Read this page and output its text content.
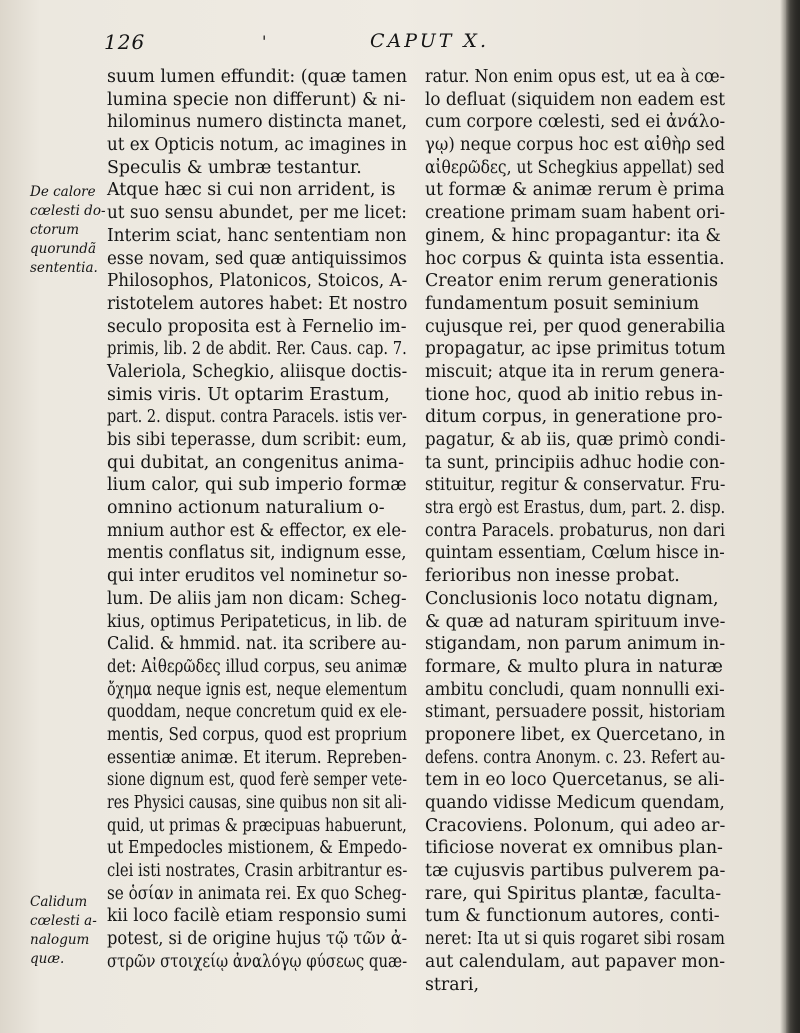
126	'	CAPUT X.
De calore
cœlesti do-
ctorum
quorundã
sententia.
Calidum
cœlesti a-
nalogum
quæ.
suum lumen effundit: (quæ tamen
lumina specie non differunt) & ni-
hilominus numero distincta manet,
ut ex Opticis notum, ac imagines in
Speculis & umbræ testantur.
Atque hæc si cui non arrident, is
ut suo sensu abundet, per me licet:
Interim sciat, hanc sententiam non
esse novam, sed quæ antiquissimos
Philosophos, Platonicos, Stoicos, A-
ristotelem autores habet: Et nostro
seculo proposita est à Fernelio im-
primis, lib. 2 de abdit. Rer. Caus. cap. 7.
Valeriola, Schegkio, aliisque doctis-
simis viris. Ut optarim Erastum,
part. 2. disput. contra Paracels. istis ver-
bis sibi teperasse, dum scribit: eum,
qui dubitat, an congenitus anima-
lium calor, qui sub imperio formæ
omnino actionum naturalium o-
mnium author est & effector, ex ele-
mentis conflatus sit, indignum esse,
qui inter eruditos vel nominetur so-
lum. De aliis jam non dicam: Scheg-
kius, optimus Peripateticus, in lib. de
Calid. & hmmid. nat. ita scribere au-
det: Αἰθερῶδες illud corpus, seu animæ
ὄχημα neque ignis est, neque elementum
quoddam, neque concretum quid ex ele-
mentis, Sed corpus, quod est proprium
essentiæ animæ. Et iterum. Repreben-
sione dignum est, quod ferè semper vete-
res Physici causas, sine quibus non sit ali-
quid, ut primas & præcipuas habuerunt,
ut Empedocles mistionem, & Empedo-
clei isti nostrates, Crasin arbitrantur es-
se ὁσίαν in animata rei. Ex quo Scheg-
kii loco facilè etiam responsio sumi
potest, si de origine hujus τῷ τῶν ἀ-
στρῶν στοιχείῳ ἀναλόγῳ φύσεως quæ-
ratur. Non enim opus est, ut ea à cœ-
lo defluat (siquidem non eadem est
cum corpore cœlesti, sed ei ἀνάλο-
γῳ) neque corpus hoc est αἰθὴρ sed
αἰθερῶδες, ut Schegkius appellat) sed
ut formæ & animæ rerum è prima
creatione primam suam habent ori-
ginem, & hinc propagantur: ita &
hoc corpus & quinta ista essentia.
Creator enim rerum generationis
fundamentum posuit seminium
cujusque rei, per quod generabilia
propagatur, ac ipse primitus totum
miscuit; atque ita in rerum genera-
tione hoc, quod ab initio rebus in-
ditum corpus, in generatione pro-
pagatur, & ab iis, quæ primò condi-
ta sunt, principiis adhuc hodie con-
stituitur, regitur & conservatur. Fru-
stra ergò est Erastus, dum, part. 2. disp.
contra Paracels. probaturus, non dari
quintam essentiam, Cœlum hisce in-
ferioribus non inesse probat.
Conclusionis loco notatu dignam,
& quæ ad naturam spirituum inve-
stigandam, non parum animum in-
formare, & multo plura in naturæ
ambitu concludi, quam nonnulli exi-
stimant, persuadere possit, historiam
proponere libet, ex Quercetano, in
defens. contra Anonym. c. 23. Refert au-
tem in eo loco Quercetanus, se ali-
quando vidisse Medicum quendam,
Cracoviens. Polonum, qui adeo ar-
tificiose noverat ex omnibus plan-
tæ cujusvis partibus pulverem pa-
rare, qui Spiritus plantæ, faculta-
tum & functionum autores, conti-
neret: Ita ut si quis rogaret sibi rosam
aut calendulam, aut papaver mon-
strari,
